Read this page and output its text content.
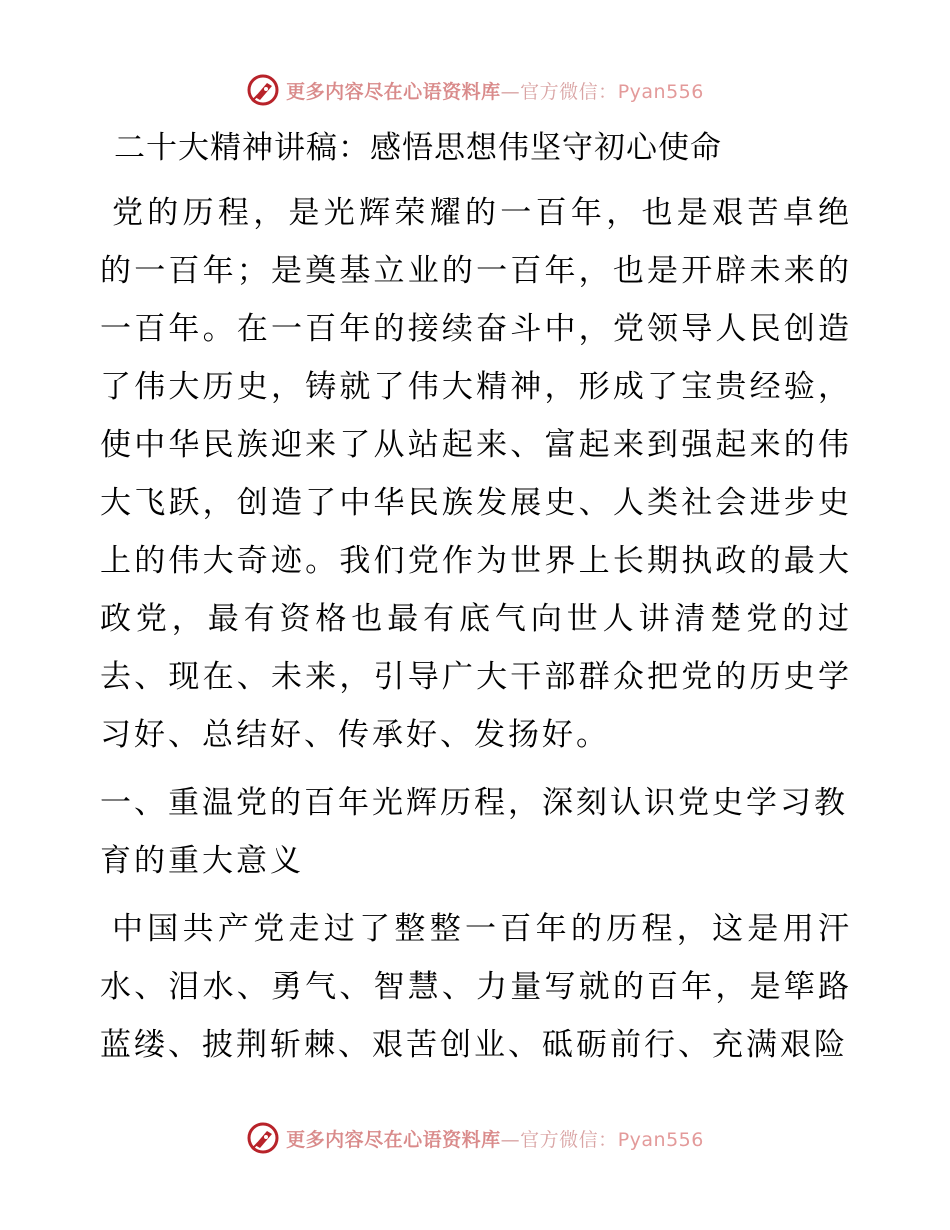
更多内容尽在心语资料库—官方微信：Pyan556
二十大精神讲稿：感悟思想伟坚守初心使命

党的历程，是光辉荣耀的一百年，也是艰苦卓绝的一百年；是奠基立业的一百年，也是开辟未来的一百年。在一百年的接续奋斗中，党领导人民创造了伟大历史，铸就了伟大精神，形成了宝贵经验，使中华民族迎来了从站起来、富起来到强起来的伟大飞跃，创造了中华民族发展史、人类社会进步史上的伟大奇迹。我们党作为世界上长期执政的最大政党，最有资格也最有底气向世人讲清楚党的过去、现在、未来，引导广大干部群众把党的历史学习好、总结好、传承好、发扬好。

一、重温党的百年光辉历程，深刻认识党史学习教育的重大意义

中国共产党走过了整整一百年的历程，这是用汗水、泪水、勇气、智慧、力量写就的百年，是筚路蓝缕、披荆斩棘、艰苦创业、砥砺前行、充满艰险

更多内容尽在心语资料库—官方微信：Pyan556
